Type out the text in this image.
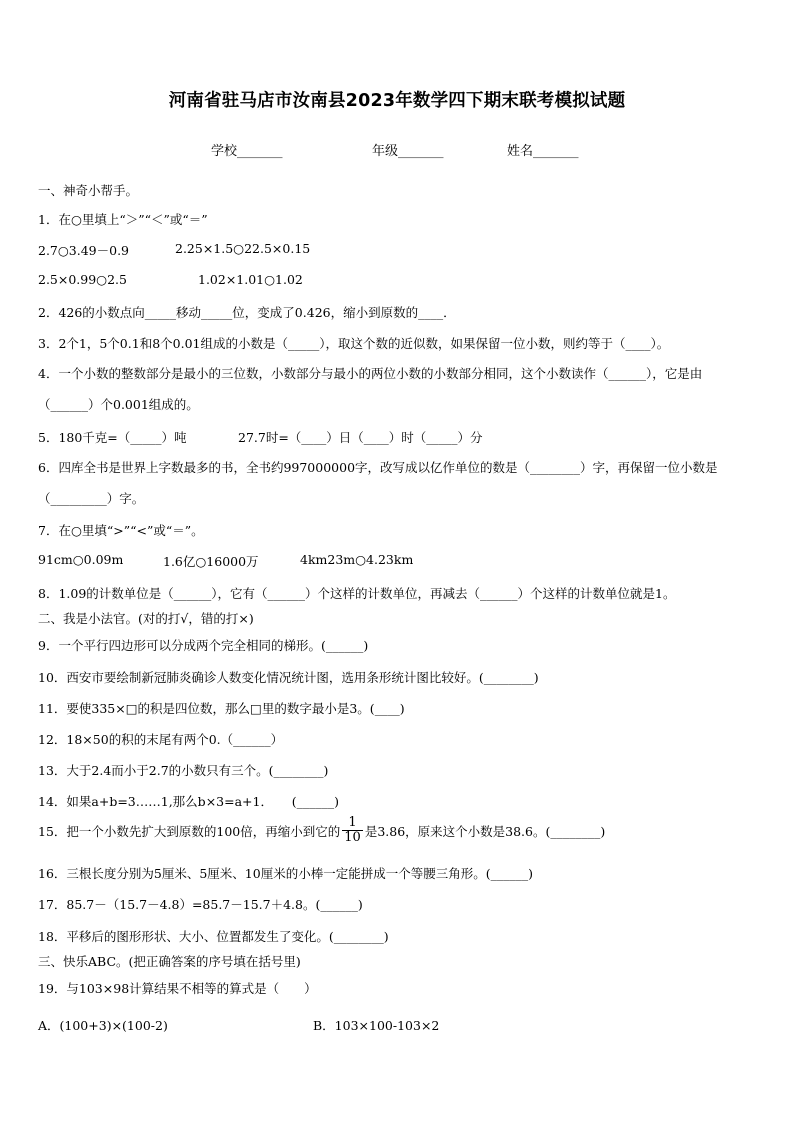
河南省驻马店市汝南县2023年数学四下期末联考模拟试题
学校_______	年级_______	姓名_______
一、神奇小帮手。
1．在○里填上“＞”“＜”或“＝”
2.7○3.49－0.9	2.25×1.5○22.5×0.15
2.5×0.99○2.5	1.02×1.01○1.02
2．426的小数点向_____移动_____位，变成了0.426，缩小到原数的____．
3．2个1，5个0.1和8个0.01组成的小数是（_____），取这个数的近似数，如果保留一位小数，则约等于（____）。
4．一个小数的整数部分是最小的三位数，小数部分与最小的两位小数的小数部分相同，这个小数读作（______），它是由（______）个0.001组成的。
5．180千克=（_____）吨	27.7时=（____）日（____）时（_____）分
6．四库全书是世界上字数最多的书，全书约997000000字，改写成以亿作单位的数是（________）字，再保留一位小数是（_________）字。
7．在○里填“>”“<”或“＝”。
91cm○0.09m	1.6亿○16000万	4km23m○4.23km
8．1.09的计数单位是（______），它有（______）个这样的计数单位，再减去（______）个这样的计数单位就是1。
二、我是小法官。(对的打√，错的打×)
9．一个平行四边形可以分成两个完全相同的梯形。(______)
10．西安市要绘制新冠肺炎确诊人数变化情况统计图，选用条形统计图比较好。(________)
11．要使335×□的积是四位数，那么□里的数字最小是3。(____)
12．18×50的积的末尾有两个0.（______）
13．大于2.4而小于2.7的小数只有三个。(________)
14．如果a+b=3……1,那么b×3=a+1．　　(______)
15．把一个小数先扩大到原数的100倍，再缩小到它的 $\frac{1}{10}$ 是3.86，原来这个小数是38.6。(________)
16．三根长度分别为5厘米、5厘米、10厘米的小棒一定能拼成一个等腰三角形。(______)
17．85.7－（15.7－4.8）=85.7－15.7＋4.8。(______)
18．平移后的图形形状、大小、位置都发生了变化。(________)
三、快乐ABC。(把正确答案的序号填在括号里)
19．与103×98计算结果不相等的算式是（　　）
A．(100+3)×(100-2)	B．103×100-103×2
